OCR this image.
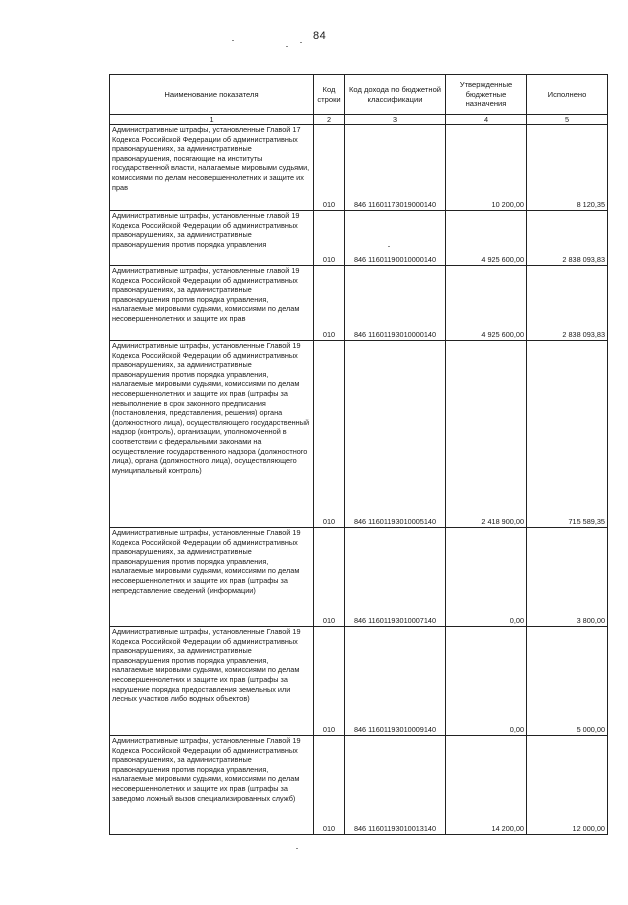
84
Наименование показателя	Код строки	Код дохода по бюджетной классификации	Утвержденные бюджетные назначения	Исполнено
1	2	3	4	5
Административные штрафы, установленные Главой 17 Кодекса Российской Федерации об административных правонарушениях, за административные правонарушения, посягающие на институты государственной власти, налагаемые мировыми судьями, комиссиями по делам несовершеннолетних и защите их прав	010	846 11601173019000140	10 200,00	8 120,35
Административные штрафы, установленные главой 19 Кодекса Российской Федерации об административных правонарушениях, за административные правонарушения против порядка управления	010	846 11601190010000140	4 925 600,00	2 838 093,83
Административные штрафы, установленные главой 19 Кодекса Российской Федерации об административных правонарушениях, за административные правонарушения против порядка управления, налагаемые мировыми судьями, комиссиями по делам несовершеннолетних и защите их прав	010	846 11601193010000140	4 925 600,00	2 838 093,83
Административные штрафы, установленные Главой 19 Кодекса Российской Федерации об административных правонарушениях, за административные правонарушения против порядка управления, налагаемые мировыми судьями, комиссиями по делам несовершеннолетних и защите их прав (штрафы за невыполнение в срок законного предписания (постановления, представления, решения) органа (должностного лица), осуществляющего государственный надзор (контроль), организации, уполномоченной в соответствии с федеральными законами на осуществление государственного надзора (должностного лица), органа (должностного лица), осуществляющего муниципальный контроль)	010	846 11601193010005140	2 418 900,00	715 589,35
Административные штрафы, установленные Главой 19 Кодекса Российской Федерации об административных правонарушениях, за административные правонарушения против порядка управления, налагаемые мировыми судьями, комиссиями по делам несовершеннолетних и защите их прав (штрафы за непредставление сведений (информации)	010	846 11601193010007140	0,00	3 800,00
Административные штрафы, установленные Главой 19 Кодекса Российской Федерации об административных правонарушениях, за административные правонарушения против порядка управления, налагаемые мировыми судьями, комиссиями по делам несовершеннолетних и защите их прав (штрафы за нарушение порядка предоставления земельных или лесных участков либо водных объектов)	010	846 11601193010009140	0,00	5 000,00
Административные штрафы, установленные Главой 19 Кодекса Российской Федерации об административных правонарушениях, за административные правонарушения против порядка управления, налагаемые мировыми судьями, комиссиями по делам несовершеннолетних и защите их прав (штрафы за заведомо ложный вызов специализированных служб)	010	846 11601193010013140	14 200,00	12 000,00
